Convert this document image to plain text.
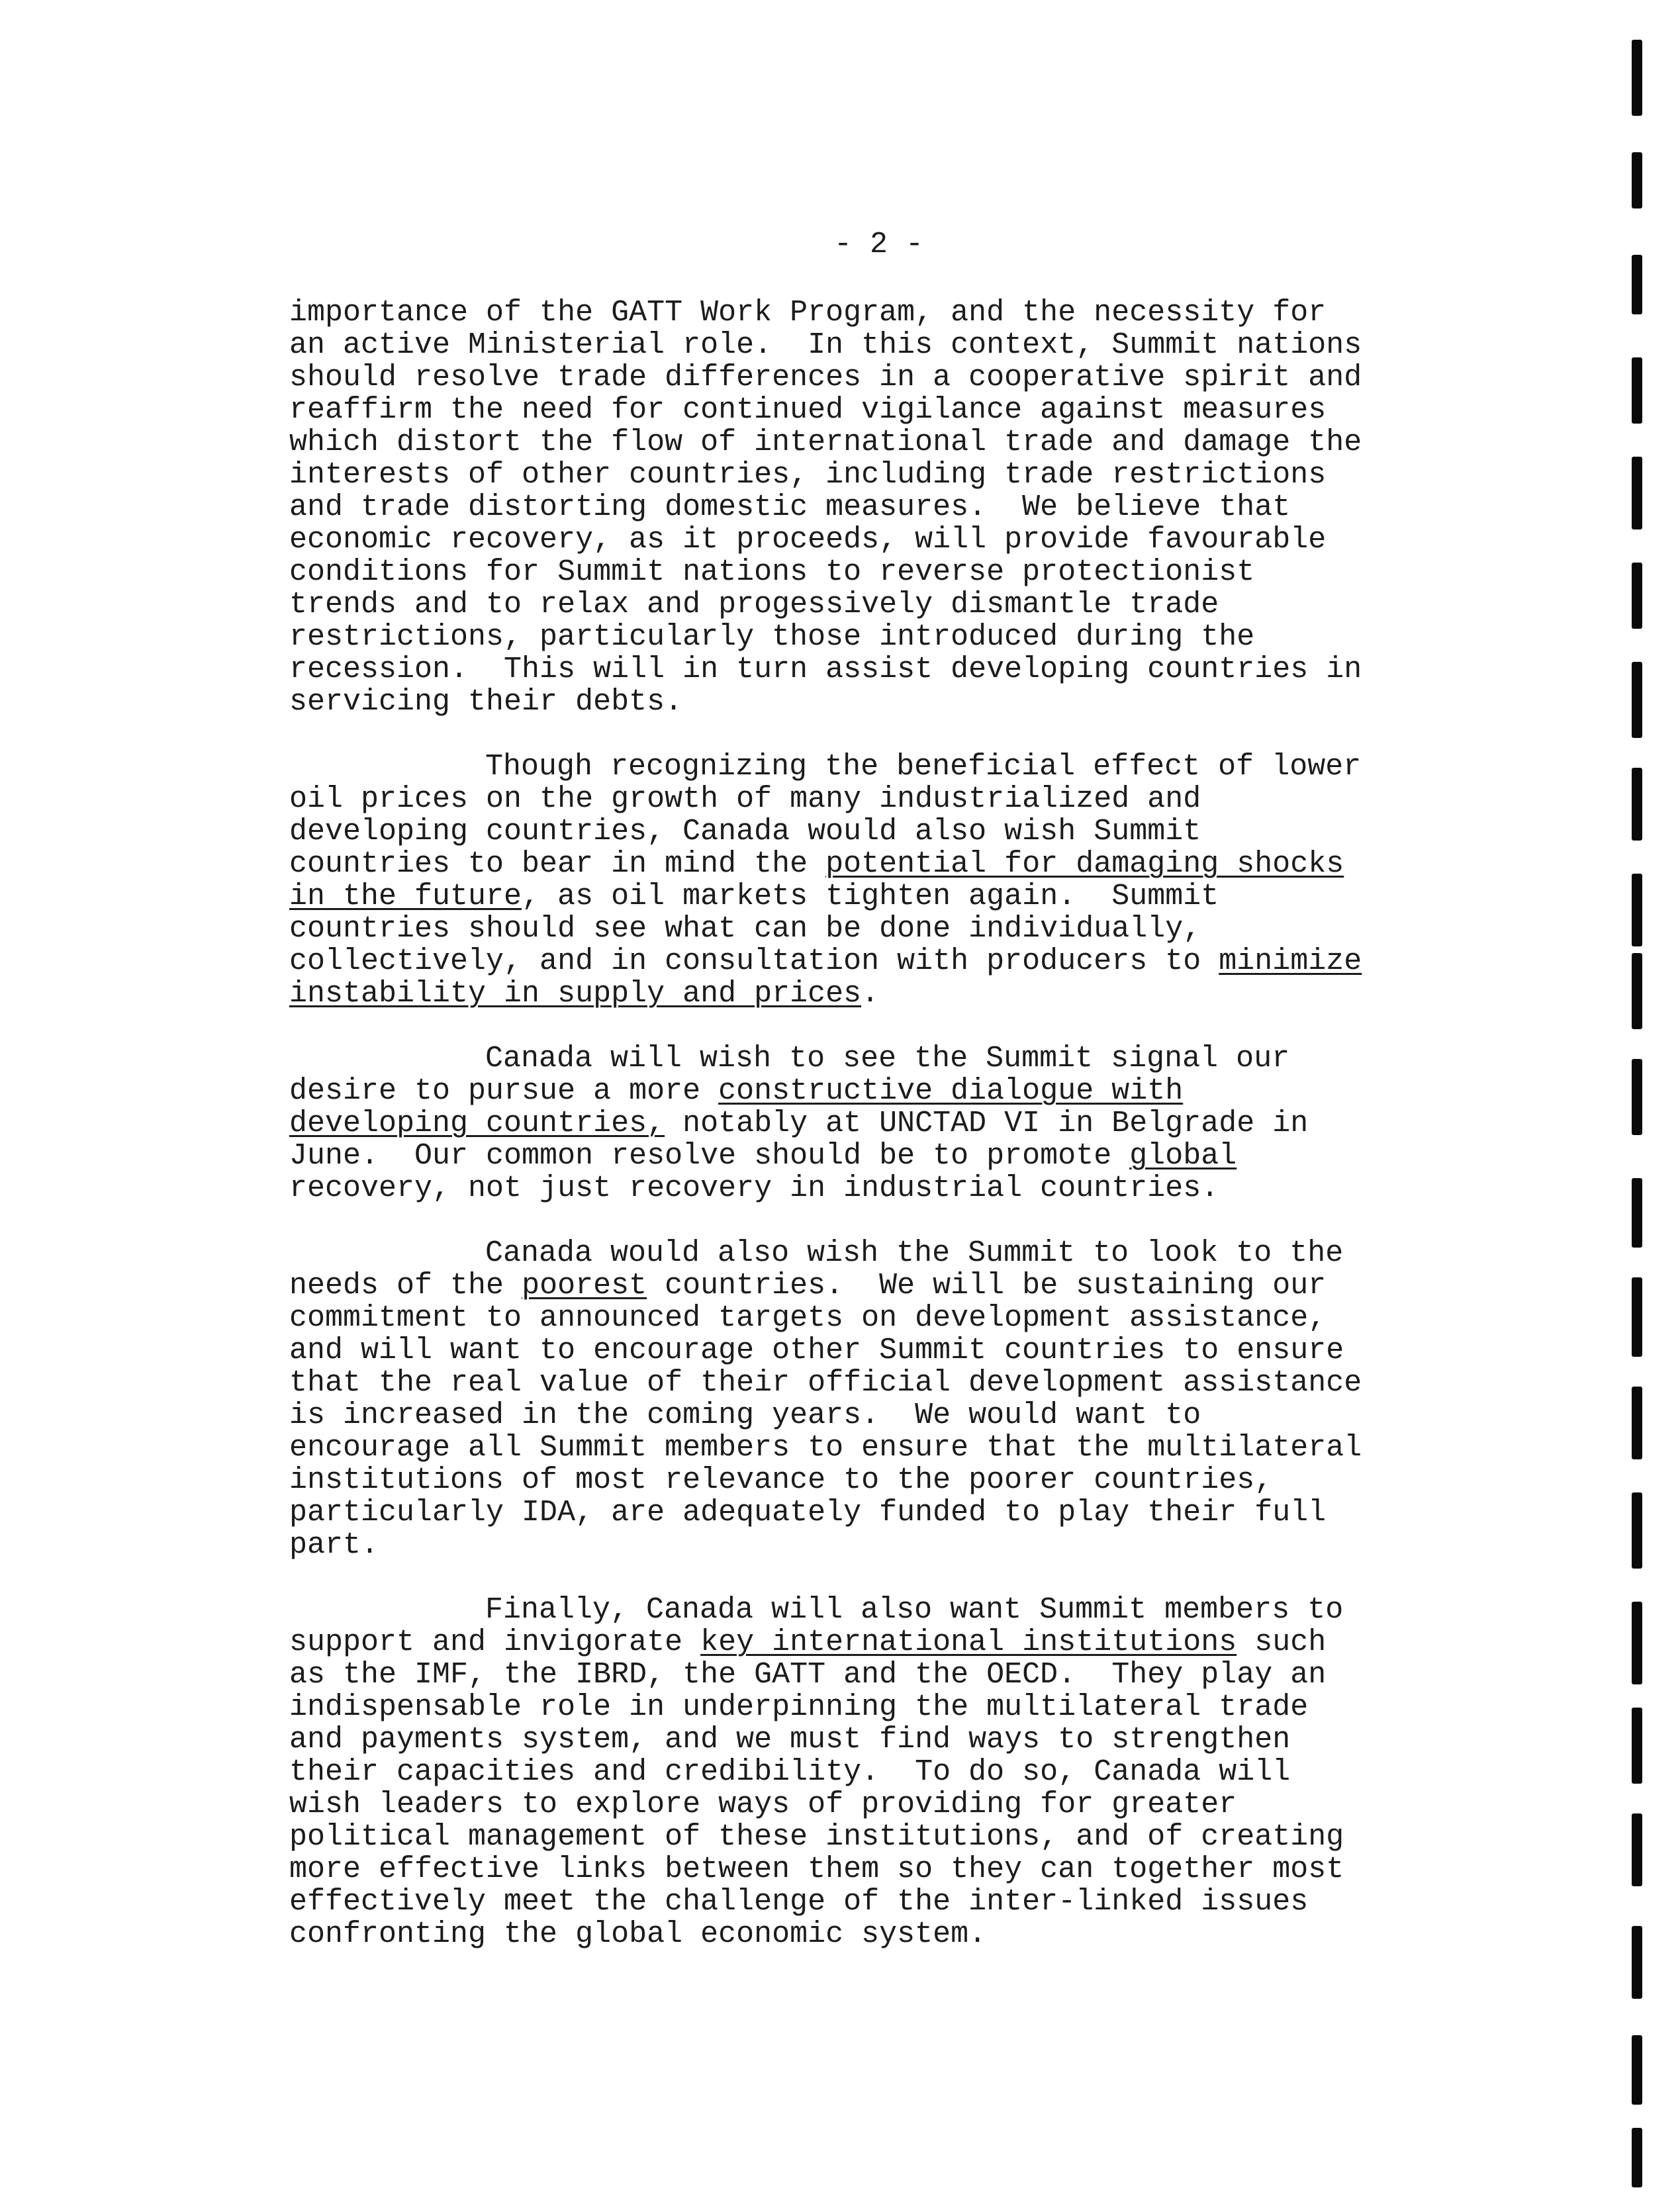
- 2 -
importance of the GATT Work Program, and the necessity for
an active Ministerial role.  In this context, Summit nations
should resolve trade differences in a cooperative spirit and
reaffirm the need for continued vigilance against measures
which distort the flow of international trade and damage the
interests of other countries, including trade restrictions
and trade distorting domestic measures.  We believe that
economic recovery, as it proceeds, will provide favourable
conditions for Summit nations to reverse protectionist
trends and to relax and progessively dismantle trade
restrictions, particularly those introduced during the
recession.  This will in turn assist developing countries in
servicing their debts.
Though recognizing the beneficial effect of lower
oil prices on the growth of many industrialized and
developing countries, Canada would also wish Summit
countries to bear in mind the potential for damaging shocks
in the future, as oil markets tighten again.  Summit
countries should see what can be done individually,
collectively, and in consultation with producers to minimize
instability in supply and prices.
Canada will wish to see the Summit signal our
desire to pursue a more constructive dialogue with
developing countries, notably at UNCTAD VI in Belgrade in
June.  Our common resolve should be to promote global
recovery, not just recovery in industrial countries.
Canada would also wish the Summit to look to the
needs of the poorest countries.  We will be sustaining our
commitment to announced targets on development assistance,
and will want to encourage other Summit countries to ensure
that the real value of their official development assistance
is increased in the coming years.  We would want to
encourage all Summit members to ensure that the multilateral
institutions of most relevance to the poorer countries,
particularly IDA, are adequately funded to play their full
part.
Finally, Canada will also want Summit members to
support and invigorate key international institutions such
as the IMF, the IBRD, the GATT and the OECD.  They play an
indispensable role in underpinning the multilateral trade
and payments system, and we must find ways to strengthen
their capacities and credibility.  To do so, Canada will
wish leaders to explore ways of providing for greater
political management of these institutions, and of creating
more effective links between them so they can together most
effectively meet the challenge of the inter-linked issues
confronting the global economic system.
